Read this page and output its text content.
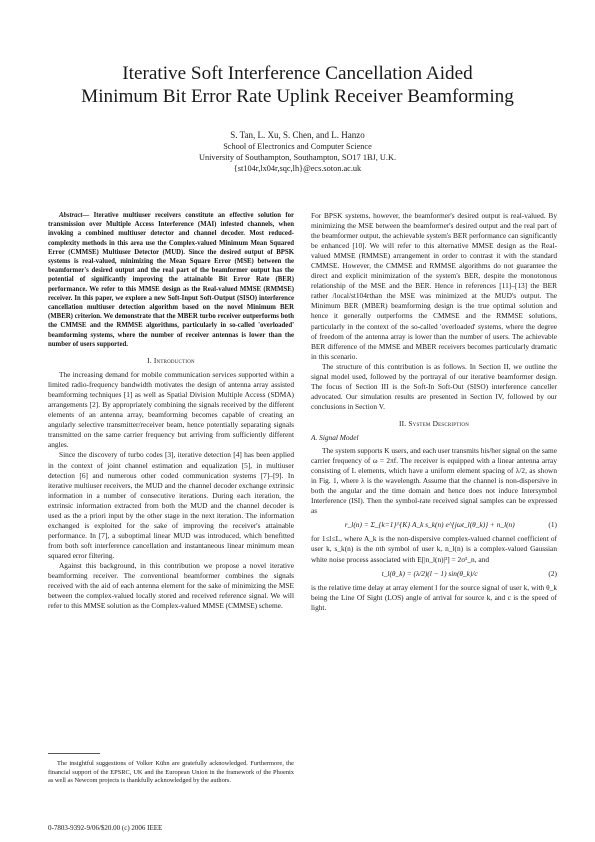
Iterative Soft Interference Cancellation Aided
Minimum Bit Error Rate Uplink Receiver Beamforming
S. Tan, L. Xu, S. Chen, and L. Hanzo
School of Electronics and Computer Science
University of Southampton, Southampton, SO17 1BJ, U.K.
{st104r,lx04r,sqc,lh}@ecs.soton.ac.uk

Abstract— Iterative multiuser receivers constitute an effective solution for transmission over Multiple Access Interference (MAI) infested channels, when invoking a combined multiuser detector and channel decoder. Most reduced-complexity methods in this area use the Complex-valued Minimum Mean Squared Error (CMMSE) Multiuser Detector (MUD). Since the desired output of BPSK systems is real-valued, minimizing the Mean Square Error (MSE) between the beamformer's desired output and the real part of the beamformer output has the potential of significantly improving the attainable Bit Error Rate (BER) performance. We refer to this MMSE design as the Real-valued MMSE (RMMSE) receiver. In this paper, we explore a new Soft-Input Soft-Output (SISO) interference cancellation multiuser detection algorithm based on the novel Minimum BER (MBER) criterion. We demonstrate that the MBER turbo receiver outperforms both the CMMSE and the RMMSE algorithms, particularly in so-called 'overloaded' beamforming systems, where the number of receiver antennas is lower than the number of users supported.

I. Introduction

The increasing demand for mobile communication services supported within a limited radio-frequency bandwidth motivates the design of antenna array assisted beamforming techniques [1] as well as Spatial Division Multiple Access (SDMA) arrangements [2]. By appropriately combining the signals received by the different elements of an antenna array, beamforming becomes capable of creating an angularly selective transmitter/receiver beam, hence potentially separating signals transmitted on the same carrier frequency but arriving from sufficiently different angles.

Since the discovery of turbo codes [3], iterative detection [4] has been applied in the context of joint channel estimation and equalization [5], in multiuser detection [6] and numerous other coded communication systems [7]–[9]. In iterative multiuser receivers, the MUD and the channel decoder exchange extrinsic information in a number of consecutive iterations. During each iteration, the extrinsic information extracted from both the MUD and the channel decoder is used as the a priori input by the other stage in the next iteration. The information exchanged is exploited for the sake of improving the receiver's attainable performance. In [7], a suboptimal linear MUD was introduced, which benefitted from both soft interference cancellation and instantaneous linear minimum mean squared error filtering.

Against this background, in this contribution we propose a novel iterative beamforming receiver. The conventional beamformer combines the signals received with the aid of each antenna element for the sake of minimizing the MSE between the complex-valued locally stored and received reference signal. We will refer to this MMSE solution as the Complex-valued MMSE (CMMSE) scheme.

The insightful suggestions of Volker Kühn are gratefully acknowledged. Furthermore, the financial support of the EPSRC, UK and the European Union in the framework of the Phoenix as well as Newcom projects is thankfully acknowledged by the authors.

0-7803-9392-9/06/$20.00 (c) 2006 IEEE

For BPSK systems, however, the beamformer's desired output is real-valued. By minimizing the MSE between the beamformer's desired output and the real part of the beamformer output, the achievable system's BER performance can significantly be enhanced [10]. We will refer to this alternative MMSE design as the Real-valued MMSE (RMMSE) arrangement in order to contrast it with the standard CMMSE. However, the CMMSE and RMMSE algorithms do not guarantee the direct and explicit minimization of the system's BER, despite the monotonous relationship of the MSE and the BER. Hence in references [11]–[13] the BER rather /local/st104rthan the MSE was minimized at the MUD's output. The Minimum BER (MBER) beamforming design is the true optimal solution and hence it generally outperforms the CMMSE and the RMMSE solutions, particularly in the context of the so-called 'overloaded' systems, where the degree of freedom of the antenna array is lower than the number of users. The achievable BER difference of the MMSE and MBER receivers becomes particularly dramatic in this scenario.

The structure of this contribution is as follows. In Section II, we outline the signal model used, followed by the portrayal of our iterative beamformer design. The focus of Section III is the Soft-In Soft-Out (SISO) interference canceller advocated. Our simulation results are presented in Section IV, followed by our conclusions in Section V.

II. System Description
A. Signal Model

The system supports K users, and each user transmits his/her signal on the same carrier frequency of ω = 2πf. The receiver is equipped with a linear antenna array consisting of L elements, which have a uniform element spacing of λ/2, as shown in Fig. 1, where λ is the wavelength. Assume that the channel is non-dispersive in both the angular and the time domain and hence does not induce Intersymbol Interference (ISI). Then the symbol-rate received signal samples can be expressed as

r_l(n) = Σ_{k=1}^{K} A_k s_k(n) e^{jωt_l(θ_k)} + n_l(n)	(1)

for 1≤l≤L, where A_k is the non-dispersive complex-valued channel coefficient of user k, s_k(n) is the nth symbol of user k, n_l(n) is a complex-valued Gaussian white noise process associated with E[|n_l(n)|²] = 2σ²_n, and

t_l(θ_k) = (λ/2)(l − 1) sin(θ_k)/c	(2)

is the relative time delay at array element l for the source signal of user k, with θ_k being the Line Of Sight (LOS) angle of arrival for source k, and c is the speed of light.
